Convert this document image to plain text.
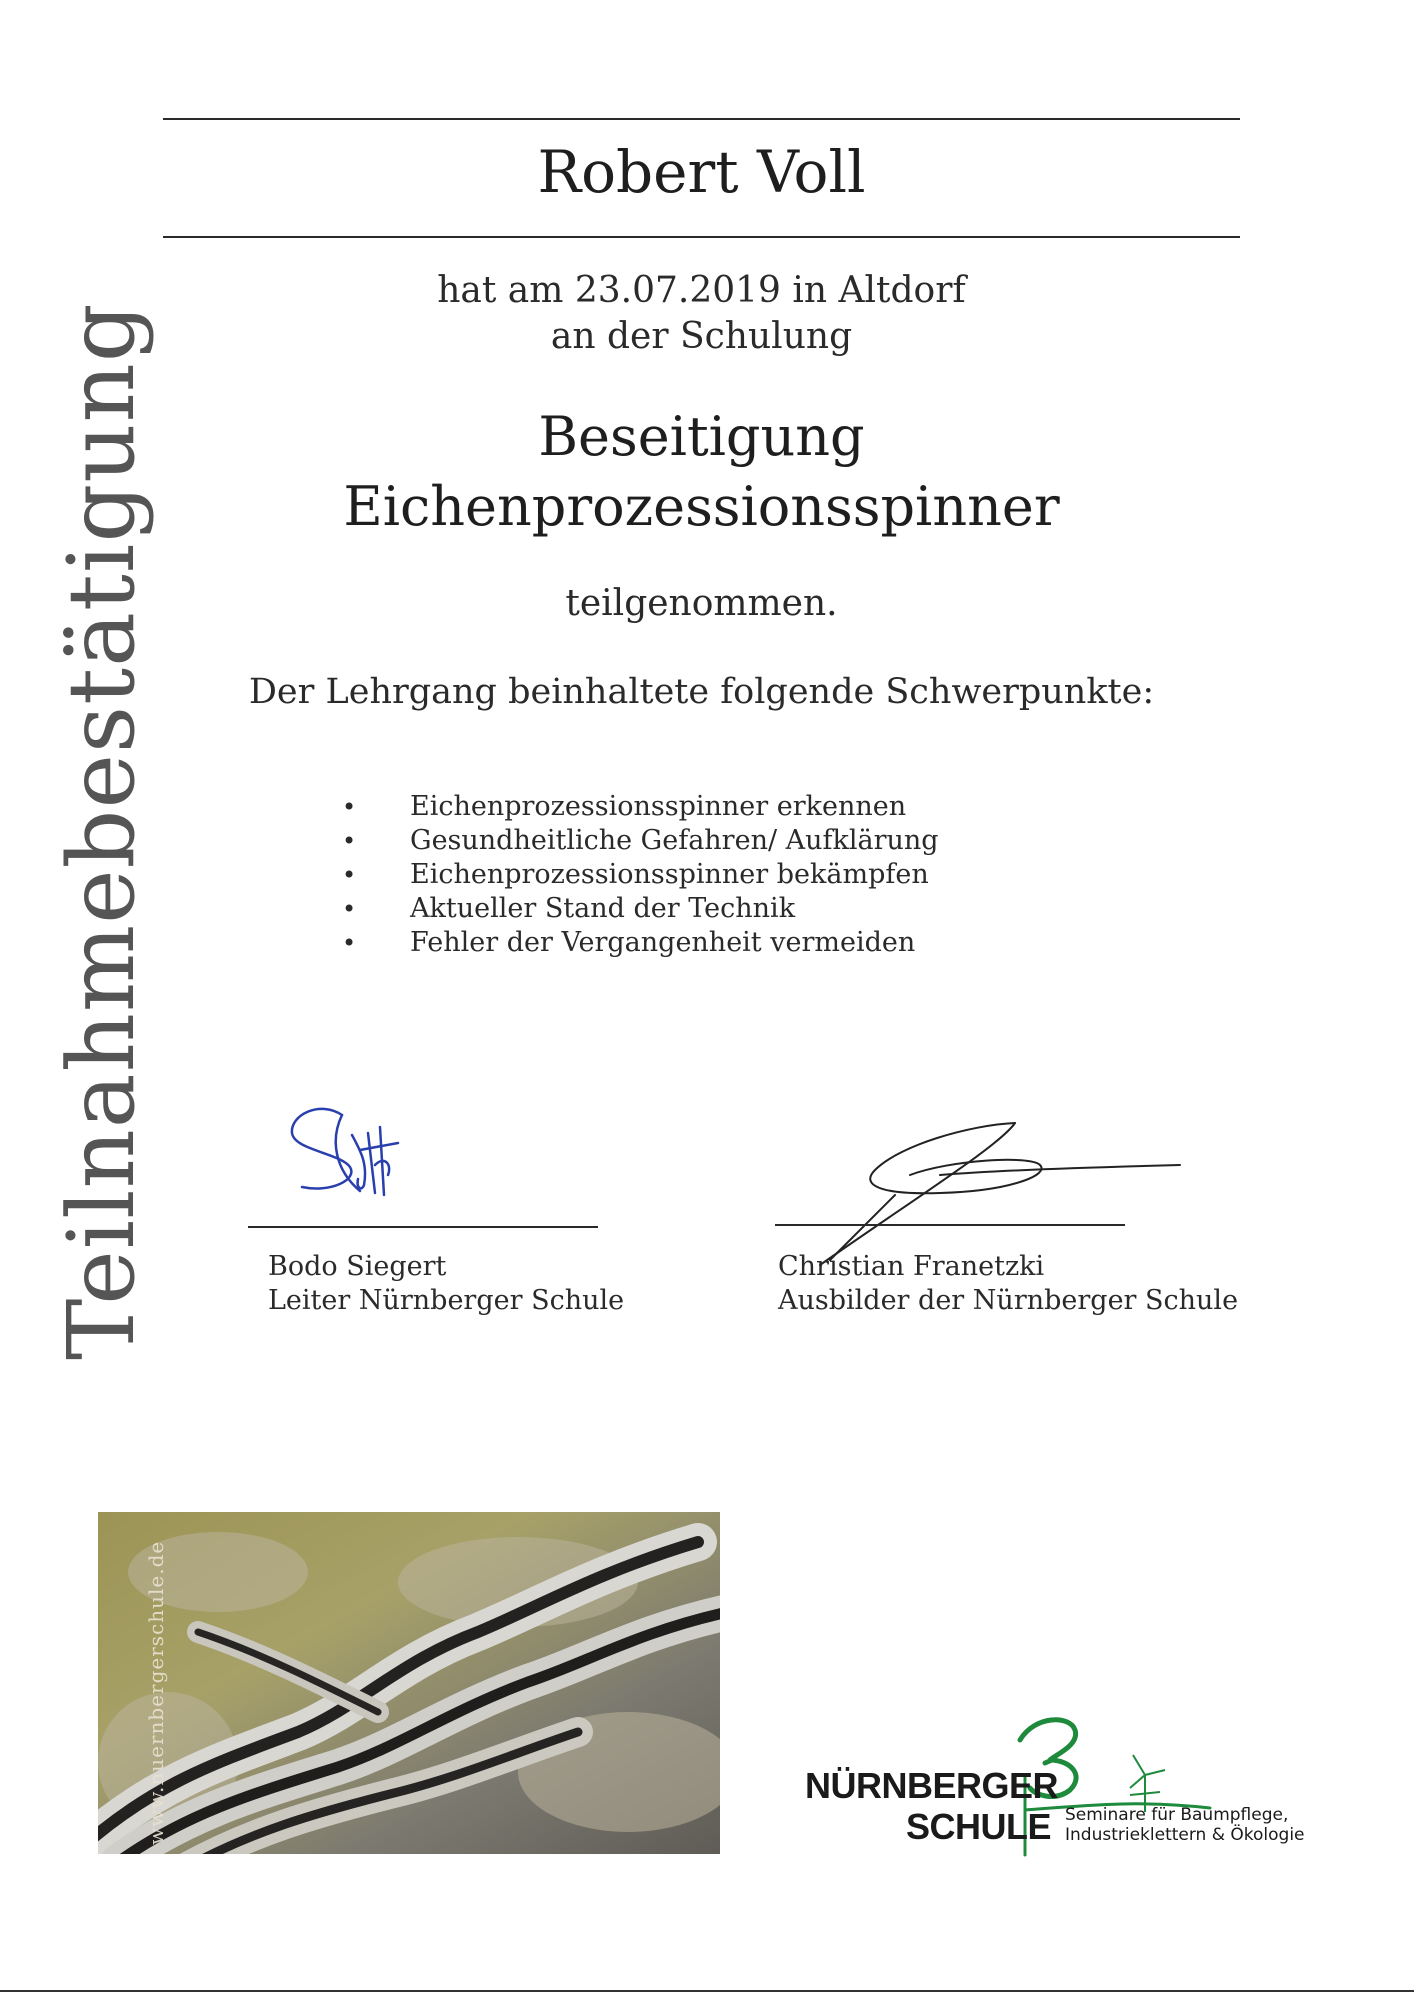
Robert Voll
hat am 23.07.2019 in Altdorf
an der Schulung
Beseitigung
Eichenprozessionsspinner
teilgenommen.
Der Lehrgang beinhaltete folgende Schwerpunkte:
Teilnahmebestätigung
•	Eichenprozessionsspinner erkennen
• Gesundheitliche Gefahren/ Aufklärung
• Eichenprozessionsspinner bekämpfen
• Aktueller Stand der Technik
• Fehler der Vergangenheit vermeiden
Bodo Siegert
Leiter Nürnberger Schule
Christian Franetzki
Ausbilder der Nürnberger Schule
www.nuernbergerschule.de	NÜRNBERGER
SCHULE Seminare für Baumpflege,
Industrieklettern & Ökologie
